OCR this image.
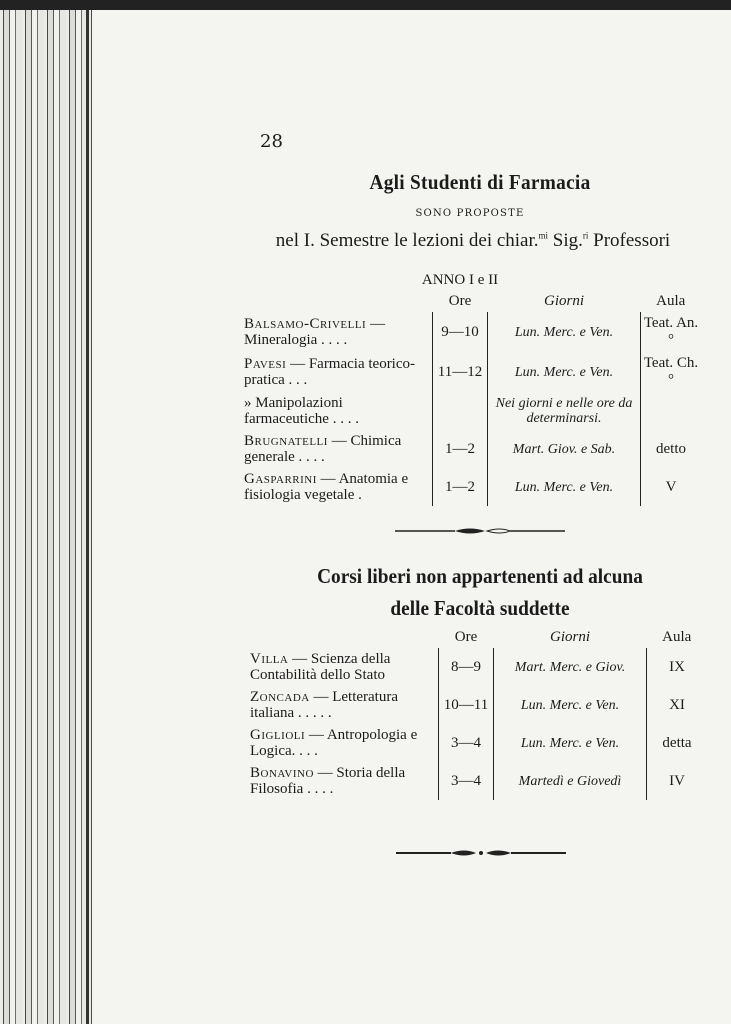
28
Agli Studenti di Farmacia
SONO PROPOSTE
nel I. Semestre le lezioni dei chiar.$^{mi}$ Sig.$^{ri}$ Professori
ANNO I e II
	Ore	Giorni	Aula
Balsamo-Crivelli — Mineralogia . . . .	9—10	Lun. Merc. e Ven.	Teat. An.°
Pavesi — Farmacia teorico-pratica . . .	11—12	Lun. Merc. e Ven.	Teat. Ch.°
» Manipolazioni farmaceutiche . . . .		Nei giorni e nelle ore da determinarsi.	
Brugnatelli — Chimica generale . . . .	1—2	Mart. Giov. e Sab.	detto
Gasparrini — Anatomia e fisiologia vegetale .	1—2	Lun. Merc. e Ven.	V
Corsi liberi non appartenenti ad alcuna
delle Facoltà suddette
	Ore	Giorni	Aula
Villa — Scienza della Contabilità dello Stato	8—9	Mart. Merc. e Giov.	IX
Zoncada — Letteratura italiana . . . . .	10—11	Lun. Merc. e Ven.	XI
Giglioli — Antropologia e Logica. . . .	3—4	Lun. Merc. e Ven.	detta
Bonavino — Storia della Filosofia . . . .	3—4	Martedì e Giovedì	IV
